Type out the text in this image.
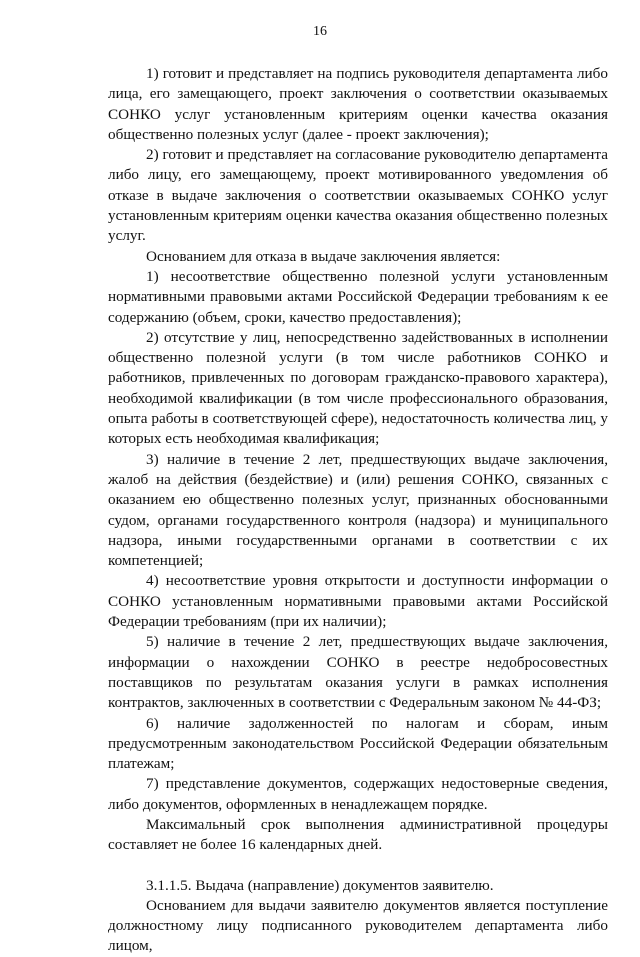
16

1) готовит и представляет на подпись руководителя департамента либо лица, его замещающего, проект заключения о соответствии оказываемых СОНКО услуг установленным критериям оценки качества оказания общественно полезных услуг (далее - проект заключения);

2) готовит и представляет на согласование руководителю департамента либо лицу, его замещающему, проект мотивированного уведомления об отказе в выдаче заключения о соответствии оказываемых СОНКО услуг установленным критериям оценки качества оказания общественно полезных услуг.

Основанием для отказа в выдаче заключения является:

1) несоответствие общественно полезной услуги установленным нормативными правовыми актами Российской Федерации требованиям к ее содержанию (объем, сроки, качество предоставления);

2) отсутствие у лиц, непосредственно задействованных в исполнении общественно полезной услуги (в том числе работников СОНКО и работников, привлеченных по договорам гражданско-правового характера), необходимой квалификации (в том числе профессионального образования, опыта работы в соответствующей сфере), недостаточность количества лиц, у которых есть необходимая квалификация;

3) наличие в течение 2 лет, предшествующих выдаче заключения, жалоб на действия (бездействие) и (или) решения СОНКО, связанных с оказанием ею общественно полезных услуг, признанных обоснованными судом, органами государственного контроля (надзора) и муниципального надзора, иными государственными органами в соответствии с их компетенцией;

4) несоответствие уровня открытости и доступности информации о СОНКО установленным нормативными правовыми актами Российской Федерации требованиям (при их наличии);

5) наличие в течение 2 лет, предшествующих выдаче заключения, информации о нахождении СОНКО в реестре недобросовестных поставщиков по результатам оказания услуги в рамках исполнения контрактов, заключенных в соответствии с Федеральным законом № 44-ФЗ;

6) наличие задолженностей по налогам и сборам, иным предусмотренным законодательством Российской Федерации обязательным платежам;

7) представление документов, содержащих недостоверные сведения, либо документов, оформленных в ненадлежащем порядке.

Максимальный срок выполнения административной процедуры составляет не более 16 календарных дней.

3.1.1.5. Выдача (направление) документов заявителю.

Основанием для выдачи заявителю документов является поступление должностному лицу подписанного руководителем департамента либо лицом,
